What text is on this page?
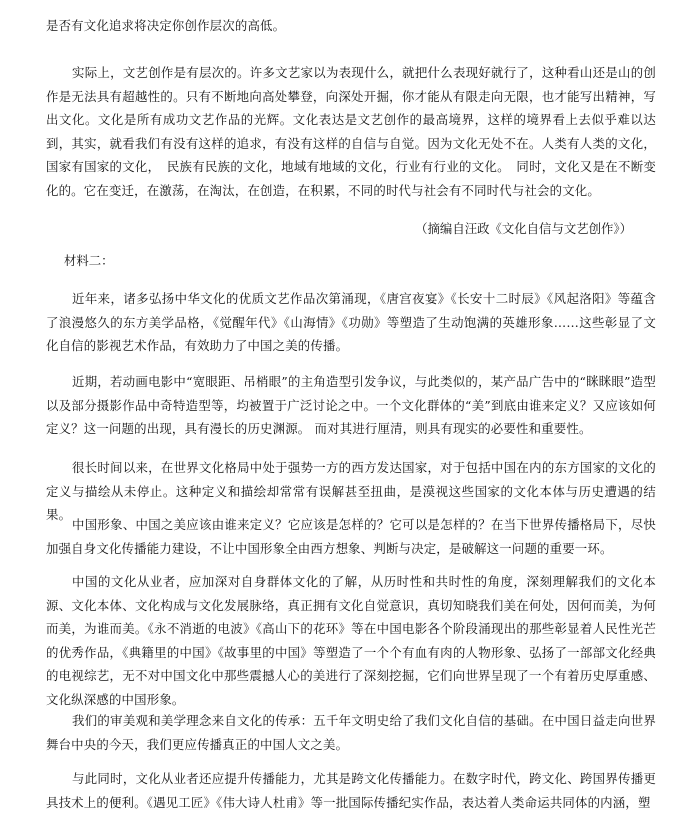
是否有文化追求将决定你创作层次的高低。

实际上，文艺创作是有层次的。许多文艺家以为表现什么，就把什么表现好就行了，这种看山还是山的创作是无法具有超越性的。只有不断地向高处攀登，向深处开掘，你才能从有限走向无限，也才能写出精神，写出文化。文化是所有成功文艺作品的光辉。文化表达是文艺创作的最高境界，这样的境界看上去似乎难以达到，其实，就看我们有没有这样的追求，有没有这样的自信与自觉。因为文化无处不在。人类有人类的文化，国家有国家的文化，　民族有民族的文化，地域有地域的文化，行业有行业的文化。　同时，文化又是在不断变化的。它在变迁，在激荡，在淘汰，在创造，在积累，不同的时代与社会有不同时代与社会的文化。

（摘编自汪政《文化自信与文艺创作》）

材料二：

近年来，诸多弘扬中华文化的优质文艺作品次第涌现，《唐宫夜宴》《长安十二时辰》《风起洛阳》等蕴含了浪漫悠久的东方美学品格，《觉醒年代》《山海情》《功勋》等塑造了生动饱满的英雄形象……这些彰显了文化自信的影视艺术作品，有效助力了中国之美的传播。

近期，若动画电影中“宽眼距、吊梢眼”的主角造型引发争议，与此类似的，某产品广告中的“眯眯眼”造型以及部分摄影作品中奇特造型等，均被置于广泛讨论之中。一个文化群体的“美”到底由谁来定义？又应该如何定义？这一问题的出现，具有漫长的历史渊源。 而对其进行厘清，则具有现实的必要性和重要性。

很长时间以来，在世界文化格局中处于强势一方的西方发达国家，对于包括中国在内的东方国家的文化的定义与描绘从未停止。这种定义和描绘却常常有误解甚至扭曲，是漠视这些国家的文化本体与历史遭遇的结果。

中国形象、中国之美应该由谁来定义？它应该是怎样的？它可以是怎样的？在当下世界传播格局下，尽快加强自身文化传播能力建设，不让中国形象全由西方想象、判断与决定，是破解这一问题的重要一环。

中国的文化从业者，应加深对自身群体文化的了解，从历时性和共时性的角度，深刻理解我们的文化本源、文化本体、文化构成与文化发展脉络，真正拥有文化自觉意识，真切知晓我们美在何处，因何而美，为何而美，为谁而美。《永不消逝的电波》《高山下的花环》等在中国电影各个阶段涌现出的那些彰显着人民性光芒的优秀作品，《典籍里的中国》《故事里的中国》等塑造了一个个有血有肉的人物形象、弘扬了一部部文化经典的电视综艺，无不对中国文化中那些震撼人心的美进行了深刻挖掘，它们向世界呈现了一个有着历史厚重感、文化纵深感的中国形象。

我们的审美观和美学理念来自文化的传承：五千年文明史给了我们文化自信的基础。在中国日益走向世界舞台中央的今天，我们更应传播真正的中国人文之美。

与此同时，文化从业者还应提升传播能力，尤其是跨文化传播能力。在数字时代，跨文化、跨国界传播更具技术上的便利。《遇见工匠》《伟大诗人杜甫》等一批国际传播纪实作品，表达着人类命运共同体的内涵，塑
